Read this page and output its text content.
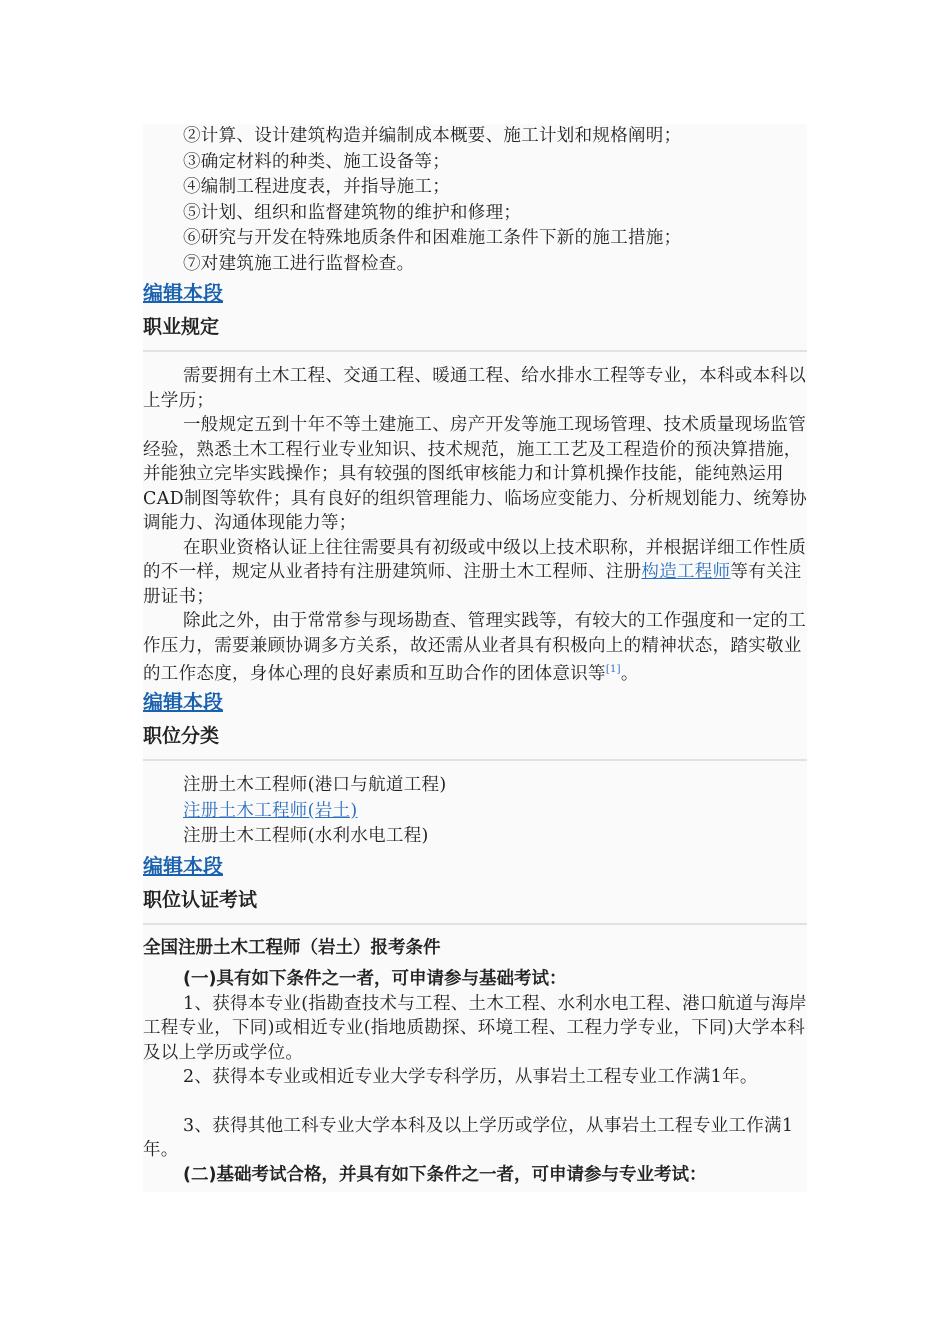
②计算、设计建筑构造并编制成本概要、施工计划和规格阐明；
③确定材料的种类、施工设备等；
④编制工程进度表，并指导施工；
⑤计划、组织和监督建筑物的维护和修理；
⑥研究与开发在特殊地质条件和困难施工条件下新的施工措施；
⑦对建筑施工进行监督检查。
编辑本段
职业规定

需要拥有土木工程、交通工程、暖通工程、给水排水工程等专业，本科或本科以上学历；

一般规定五到十年不等土建施工、房产开发等施工现场管理、技术质量现场监管经验，熟悉土木工程行业专业知识、技术规范，施工工艺及工程造价的预决算措施，并能独立完毕实践操作；具有较强的图纸审核能力和计算机操作技能，能纯熟运用CAD制图等软件；具有良好的组织管理能力、临场应变能力、分析规划能力、统筹协调能力、沟通体现能力等；

在职业资格认证上往往需要具有初级或中级以上技术职称，并根据详细工作性质的不一样，规定从业者持有注册建筑师、注册土木工程师、注册构造工程师等有关注册证书；

除此之外，由于常常参与现场勘查、管理实践等，有较大的工作强度和一定的工作压力，需要兼顾协调多方关系，故还需从业者具有积极向上的精神状态，踏实敬业的工作态度，身体心理的良好素质和互助合作的团体意识等[1]。

编辑本段
职位分类
注册土木工程师(港口与航道工程)
注册土木工程师(岩土)
注册土木工程师(水利水电工程)
编辑本段
职位认证考试
全国注册土木工程师（岩土）报考条件
(一)具有如下条件之一者，可申请参与基础考试：

1、获得本专业(指勘查技术与工程、土木工程、水利水电工程、港口航道与海岸工程专业，下同)或相近专业(指地质勘探、环境工程、工程力学专业，下同)大学本科及以上学历或学位。

2、获得本专业或相近专业大学专科学历，从事岩土工程专业工作满1年。

3、获得其他工科专业大学本科及以上学历或学位，从事岩土工程专业工作满1年。

(二)基础考试合格，并具有如下条件之一者，可申请参与专业考试：
